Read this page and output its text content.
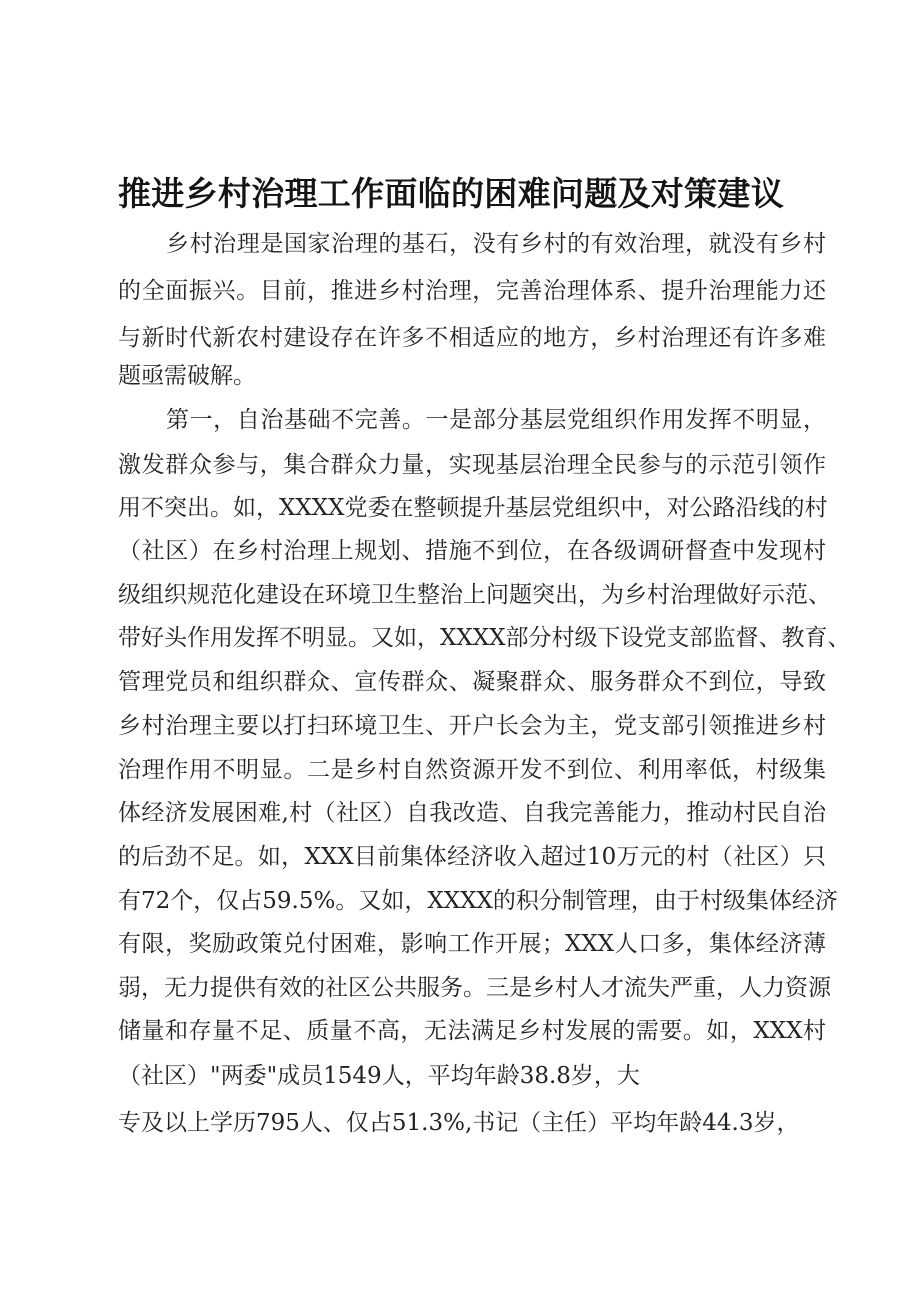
推进乡村治理工作面临的困难问题及对策建议

乡村治理是国家治理的基石，没有乡村的有效治理，就没有乡村

的全面振兴。目前，推进乡村治理，完善治理体系、提升治理能力还

与新时代新农村建设存在许多不相适应的地方，乡村治理还有许多难

题亟需破解。

第一，自治基础不完善。一是部分基层党组织作用发挥不明显，

激发群众参与，集合群众力量，实现基层治理全民参与的示范引领作

用不突出。如，XXXX党委在整顿提升基层党组织中，对公路沿线的村

（社区）在乡村治理上规划、措施不到位，在各级调研督查中发现村

级组织规范化建设在环境卫生整治上问题突出，为乡村治理做好示范、

带好头作用发挥不明显。又如，XXXX部分村级下设党支部监督、教育、

管理党员和组织群众、宣传群众、凝聚群众、服务群众不到位，导致

乡村治理主要以打扫环境卫生、开户长会为主，党支部引领推进乡村

治理作用不明显。二是乡村自然资源开发不到位、利用率低，村级集

体经济发展困难,村（社区）自我改造、自我完善能力，推动村民自治

的后劲不足。如，XXX目前集体经济收入超过10万元的村（社区）只

有72个，仅占59.5%。又如，XXXX的积分制管理，由于村级集体经济

有限，奖励政策兑付困难，影响工作开展；XXX人口多，集体经济薄

弱，无力提供有效的社区公共服务。三是乡村人才流失严重，人力资源

储量和存量不足、质量不高，无法满足乡村发展的需要。如，XXX村

（社区）"两委"成员1549人，平均年龄38.8岁，大

专及以上学历795人、仅占51.3%,书记（主任）平均年龄44.3岁，
